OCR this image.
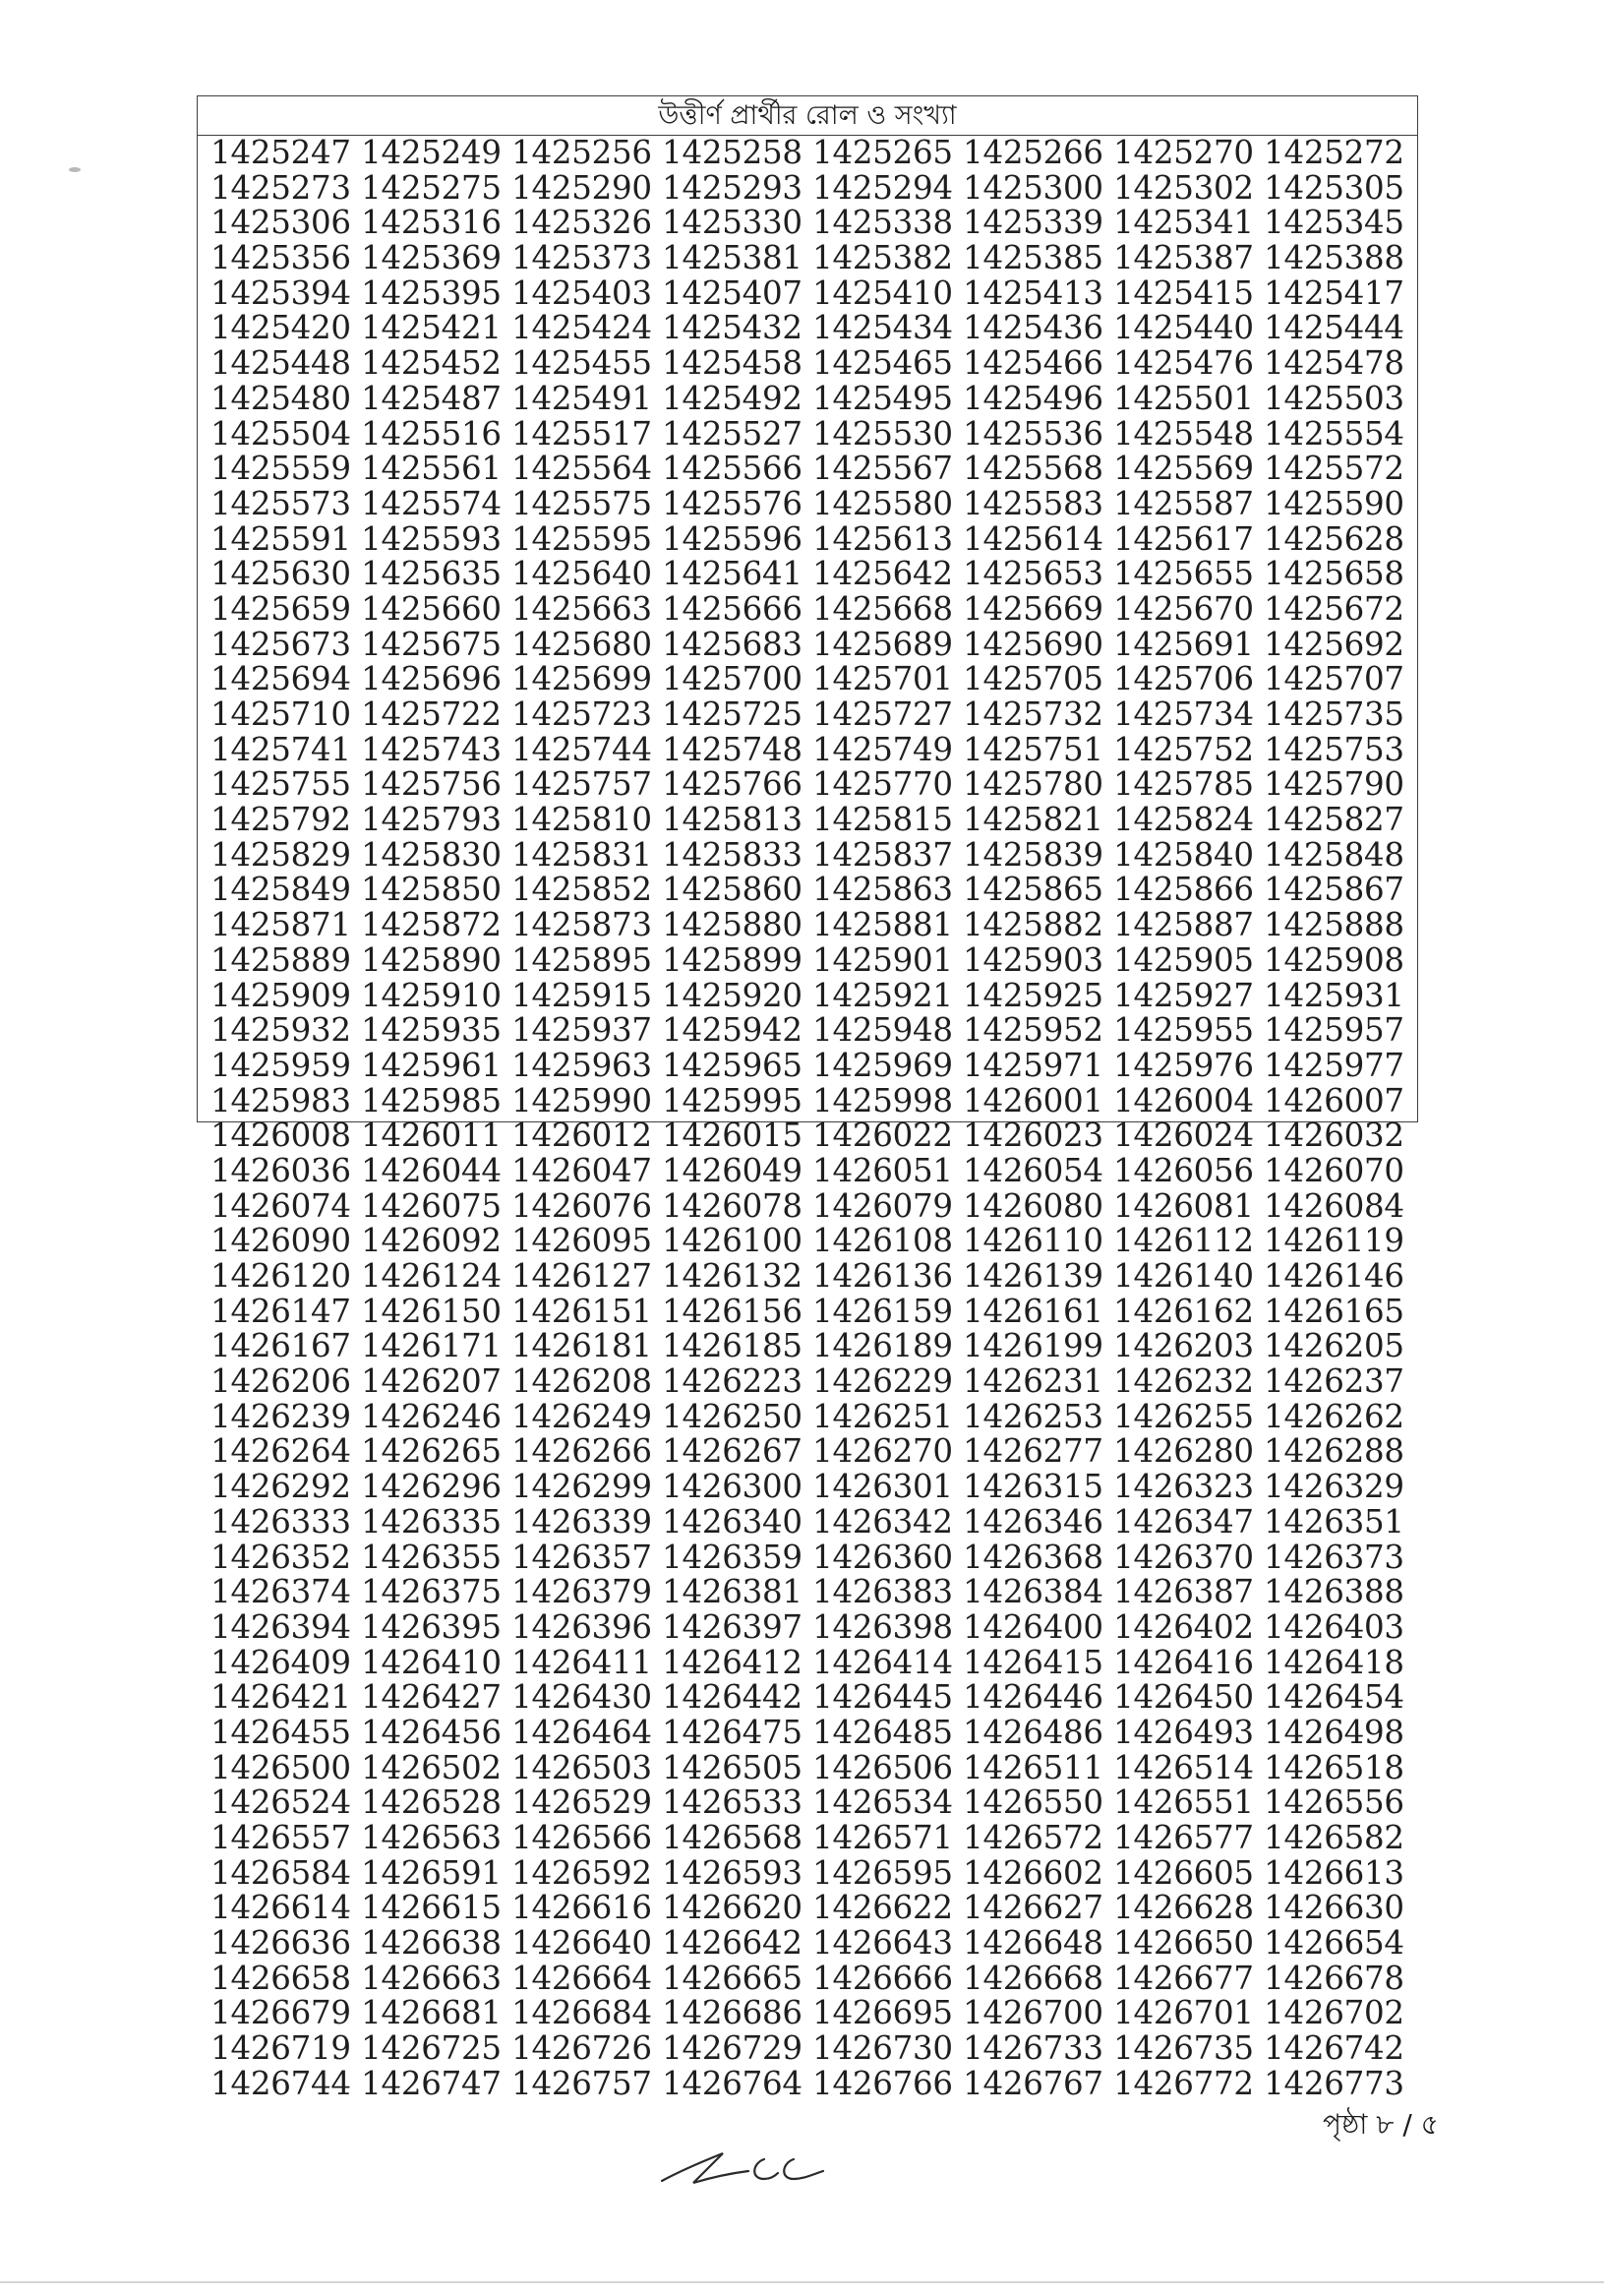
উত্তীর্ণ প্রার্থীর রোল ও সংখ্যা
1425247 1425249 1425256 1425258 1425265 1425266 1425270 1425272
1425273 1425275 1425290 1425293 1425294 1425300 1425302 1425305
1425306 1425316 1425326 1425330 1425338 1425339 1425341 1425345
1425356 1425369 1425373 1425381 1425382 1425385 1425387 1425388
1425394 1425395 1425403 1425407 1425410 1425413 1425415 1425417
1425420 1425421 1425424 1425432 1425434 1425436 1425440 1425444
1425448 1425452 1425455 1425458 1425465 1425466 1425476 1425478
1425480 1425487 1425491 1425492 1425495 1425496 1425501 1425503
1425504 1425516 1425517 1425527 1425530 1425536 1425548 1425554
1425559 1425561 1425564 1425566 1425567 1425568 1425569 1425572
1425573 1425574 1425575 1425576 1425580 1425583 1425587 1425590
1425591 1425593 1425595 1425596 1425613 1425614 1425617 1425628
1425630 1425635 1425640 1425641 1425642 1425653 1425655 1425658
1425659 1425660 1425663 1425666 1425668 1425669 1425670 1425672
1425673 1425675 1425680 1425683 1425689 1425690 1425691 1425692
1425694 1425696 1425699 1425700 1425701 1425705 1425706 1425707
1425710 1425722 1425723 1425725 1425727 1425732 1425734 1425735
1425741 1425743 1425744 1425748 1425749 1425751 1425752 1425753
1425755 1425756 1425757 1425766 1425770 1425780 1425785 1425790
1425792 1425793 1425810 1425813 1425815 1425821 1425824 1425827
1425829 1425830 1425831 1425833 1425837 1425839 1425840 1425848
1425849 1425850 1425852 1425860 1425863 1425865 1425866 1425867
1425871 1425872 1425873 1425880 1425881 1425882 1425887 1425888
1425889 1425890 1425895 1425899 1425901 1425903 1425905 1425908
1425909 1425910 1425915 1425920 1425921 1425925 1425927 1425931
1425932 1425935 1425937 1425942 1425948 1425952 1425955 1425957
1425959 1425961 1425963 1425965 1425969 1425971 1425976 1425977
1425983 1425985 1425990 1425995 1425998 1426001 1426004 1426007
1426008 1426011 1426012 1426015 1426022 1426023 1426024 1426032
1426036 1426044 1426047 1426049 1426051 1426054 1426056 1426070
1426074 1426075 1426076 1426078 1426079 1426080 1426081 1426084
1426090 1426092 1426095 1426100 1426108 1426110 1426112 1426119
1426120 1426124 1426127 1426132 1426136 1426139 1426140 1426146
1426147 1426150 1426151 1426156 1426159 1426161 1426162 1426165
1426167 1426171 1426181 1426185 1426189 1426199 1426203 1426205
1426206 1426207 1426208 1426223 1426229 1426231 1426232 1426237
1426239 1426246 1426249 1426250 1426251 1426253 1426255 1426262
1426264 1426265 1426266 1426267 1426270 1426277 1426280 1426288
1426292 1426296 1426299 1426300 1426301 1426315 1426323 1426329
1426333 1426335 1426339 1426340 1426342 1426346 1426347 1426351
1426352 1426355 1426357 1426359 1426360 1426368 1426370 1426373
1426374 1426375 1426379 1426381 1426383 1426384 1426387 1426388
1426394 1426395 1426396 1426397 1426398 1426400 1426402 1426403
1426409 1426410 1426411 1426412 1426414 1426415 1426416 1426418
1426421 1426427 1426430 1426442 1426445 1426446 1426450 1426454
1426455 1426456 1426464 1426475 1426485 1426486 1426493 1426498
1426500 1426502 1426503 1426505 1426506 1426511 1426514 1426518
1426524 1426528 1426529 1426533 1426534 1426550 1426551 1426556
1426557 1426563 1426566 1426568 1426571 1426572 1426577 1426582
1426584 1426591 1426592 1426593 1426595 1426602 1426605 1426613
1426614 1426615 1426616 1426620 1426622 1426627 1426628 1426630
1426636 1426638 1426640 1426642 1426643 1426648 1426650 1426654
1426658 1426663 1426664 1426665 1426666 1426668 1426677 1426678
1426679 1426681 1426684 1426686 1426695 1426700 1426701 1426702
1426719 1426725 1426726 1426729 1426730 1426733 1426735 1426742
1426744 1426747 1426757 1426764 1426766 1426767 1426772 1426773
পৃষ্ঠা ৮ / ৫
